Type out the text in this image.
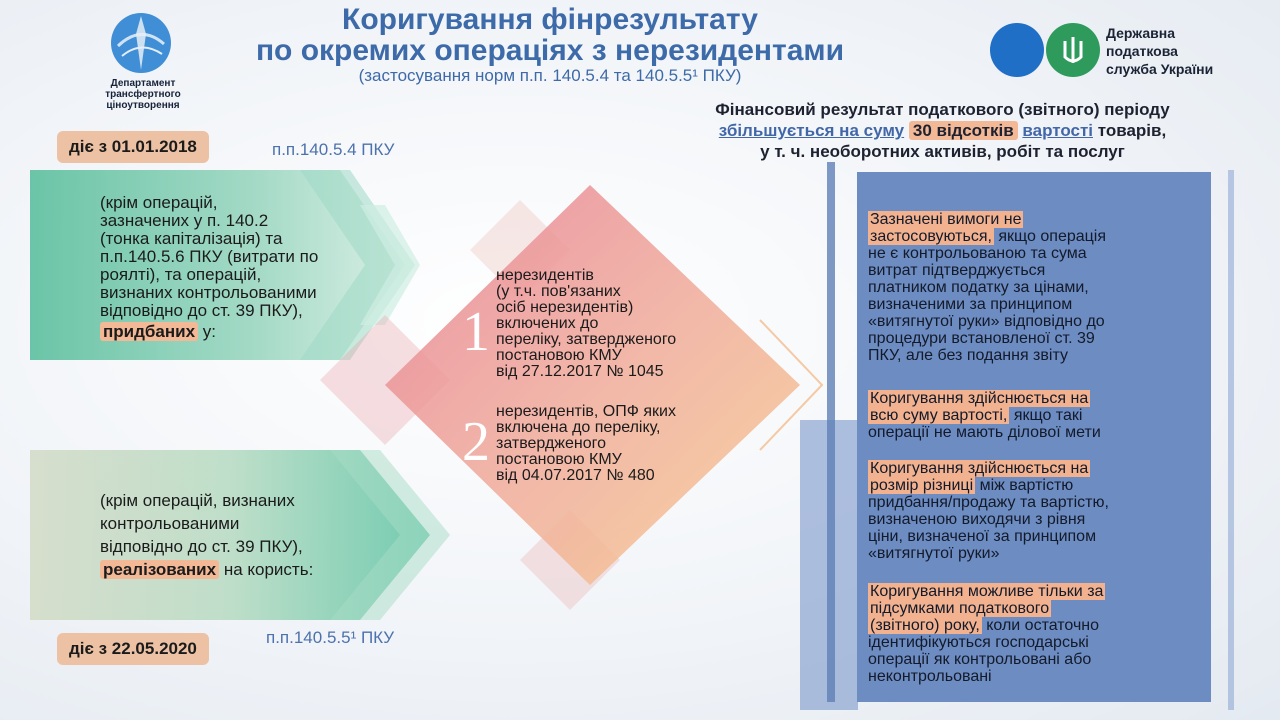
Департамент
трансфертного
ціноутворення
Коригування фінрезультату
по окремих операціях з нерезидентами
(застосування норм п.п. 140.5.4 та 140.5.5¹ ПКУ)
Державна
податкова
служба України
Фінансовий результат податкового (звітного) періоду
збільшується на суму 30 відсотків вартості товарів,
у т. ч. необоротних активів, робіт та послуг
діє з 01.01.2018	п.п.140.5.4 ПКУ
(крім операцій,
зазначених у п. 140.2
(тонка капіталізація) та
п.п.140.5.6 ПКУ (витрати по
роялті), та операцій,
визнаних контрольованими
відповідно до ст. 39 ПКУ),
придбаних у:
(крім операцій, визнаних
контрольованими
відповідно до ст. 39 ПКУ),
реалізованих на користь:
діє з 22.05.2020
п.п.140.5.5¹ ПКУ
1
нерезидентів
(у т.ч. пов'язаних
осіб нерезидентів)
включених до
переліку, затвердженого
постановою КМУ
від 27.12.2017 № 1045
2 нерезидентів, ОПФ яких
включена до переліку,
затвердженого
постановою КМУ
від 04.07.2017 № 480
Зазначені вимоги не
застосовуються, якщо операція
не є контрольованою та сума
витрат підтверджується
платником податку за цінами,
визначеними за принципом
«витягнутої руки» відповідно до
процедури встановленої ст. 39
ПКУ, але без подання звіту
Коригування здійснюється на
всю суму вартості, якщо такі
операції не мають ділової мети
Коригування здійснюється на
розмір різниці між вартістю
придбання/продажу та вартістю,
визначеною виходячи з рівня
ціни, визначеної за принципом
«витягнутої руки»
Коригування можливе тільки за
підсумками податкового
(звітного) року, коли остаточно
ідентифікуються господарські
операції як контрольовані або
неконтрольовані
